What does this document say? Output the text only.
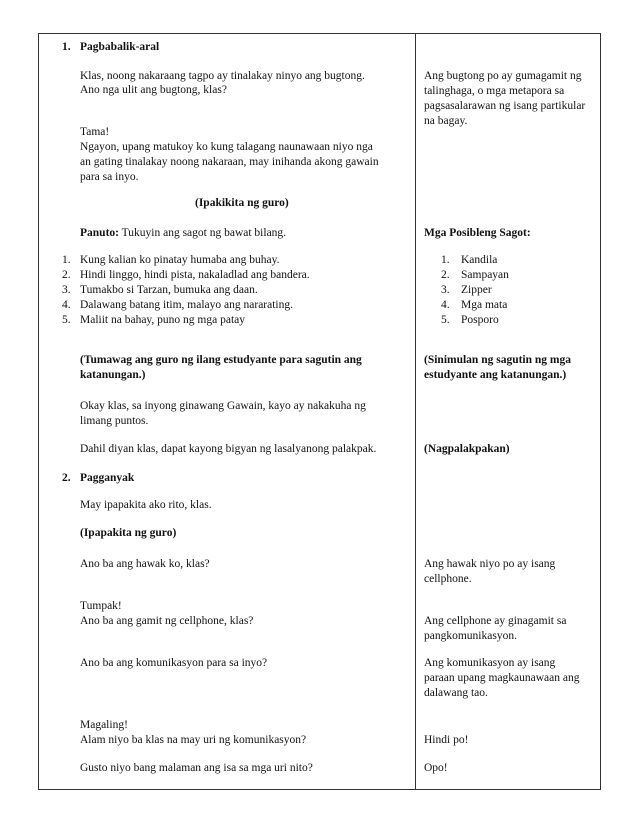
1. Pagbabalik-aral
Klas, noong nakaraang tagpo ay tinalakay ninyo ang bugtong.
Ano nga ulit ang bugtong, klas?
Tama!
Ngayon, upang matukoy ko kung talagang naunawaan niyo nga
an gating tinalakay noong nakaraan, may inihanda akong gawain
para sa inyo.
(Ipakikita ng guro)
Panuto: Tukuyin ang sagot ng bawat bilang.
1. Kung kalian ko pinatay humaba ang buhay.
2. Hindi linggo, hindi pista, nakaladlad ang bandera.
3. Tumakbo si Tarzan, bumuka ang daan.
4. Dalawang batang itim, malayo ang nararating.
5. Maliit na bahay, puno ng mga patay
(Tumawag ang guro ng ilang estudyante para sagutin ang
katanungan.)
Okay klas, sa inyong ginawang Gawain, kayo ay nakakuha ng
limang puntos.
Dahil diyan klas, dapat kayong bigyan ng lasalyanong palakpak.
2. Pagganyak
May ipapakita ako rito, klas.
(Ipapakita ng guro)
Ano ba ang hawak ko, klas?
Tumpak!
Ano ba ang gamit ng cellphone, klas?
Ano ba ang komunikasyon para sa inyo?
Magaling!
Alam niyo ba klas na may uri ng komunikasyon?
Gusto niyo bang malaman ang isa sa mga uri nito?
Ang bugtong po ay gumagamit ng
talinghaga, o mga metapora sa
pagsasalarawan ng isang partikular
na bagay.
Mga Posibleng Sagot:
1. Kandila
2. Sampayan
3. Zipper
4. Mga mata
5. Posporo
(Sinimulan ng sagutin ng mga
estudyante ang katanungan.)
(Nagpalakpakan)
Ang hawak niyo po ay isang
cellphone.
Ang cellphone ay ginagamit sa
pangkomunikasyon.
Ang komunikasyon ay isang
paraan upang magkaunawaan ang
dalawang tao.
Hindi po!
Opo!
